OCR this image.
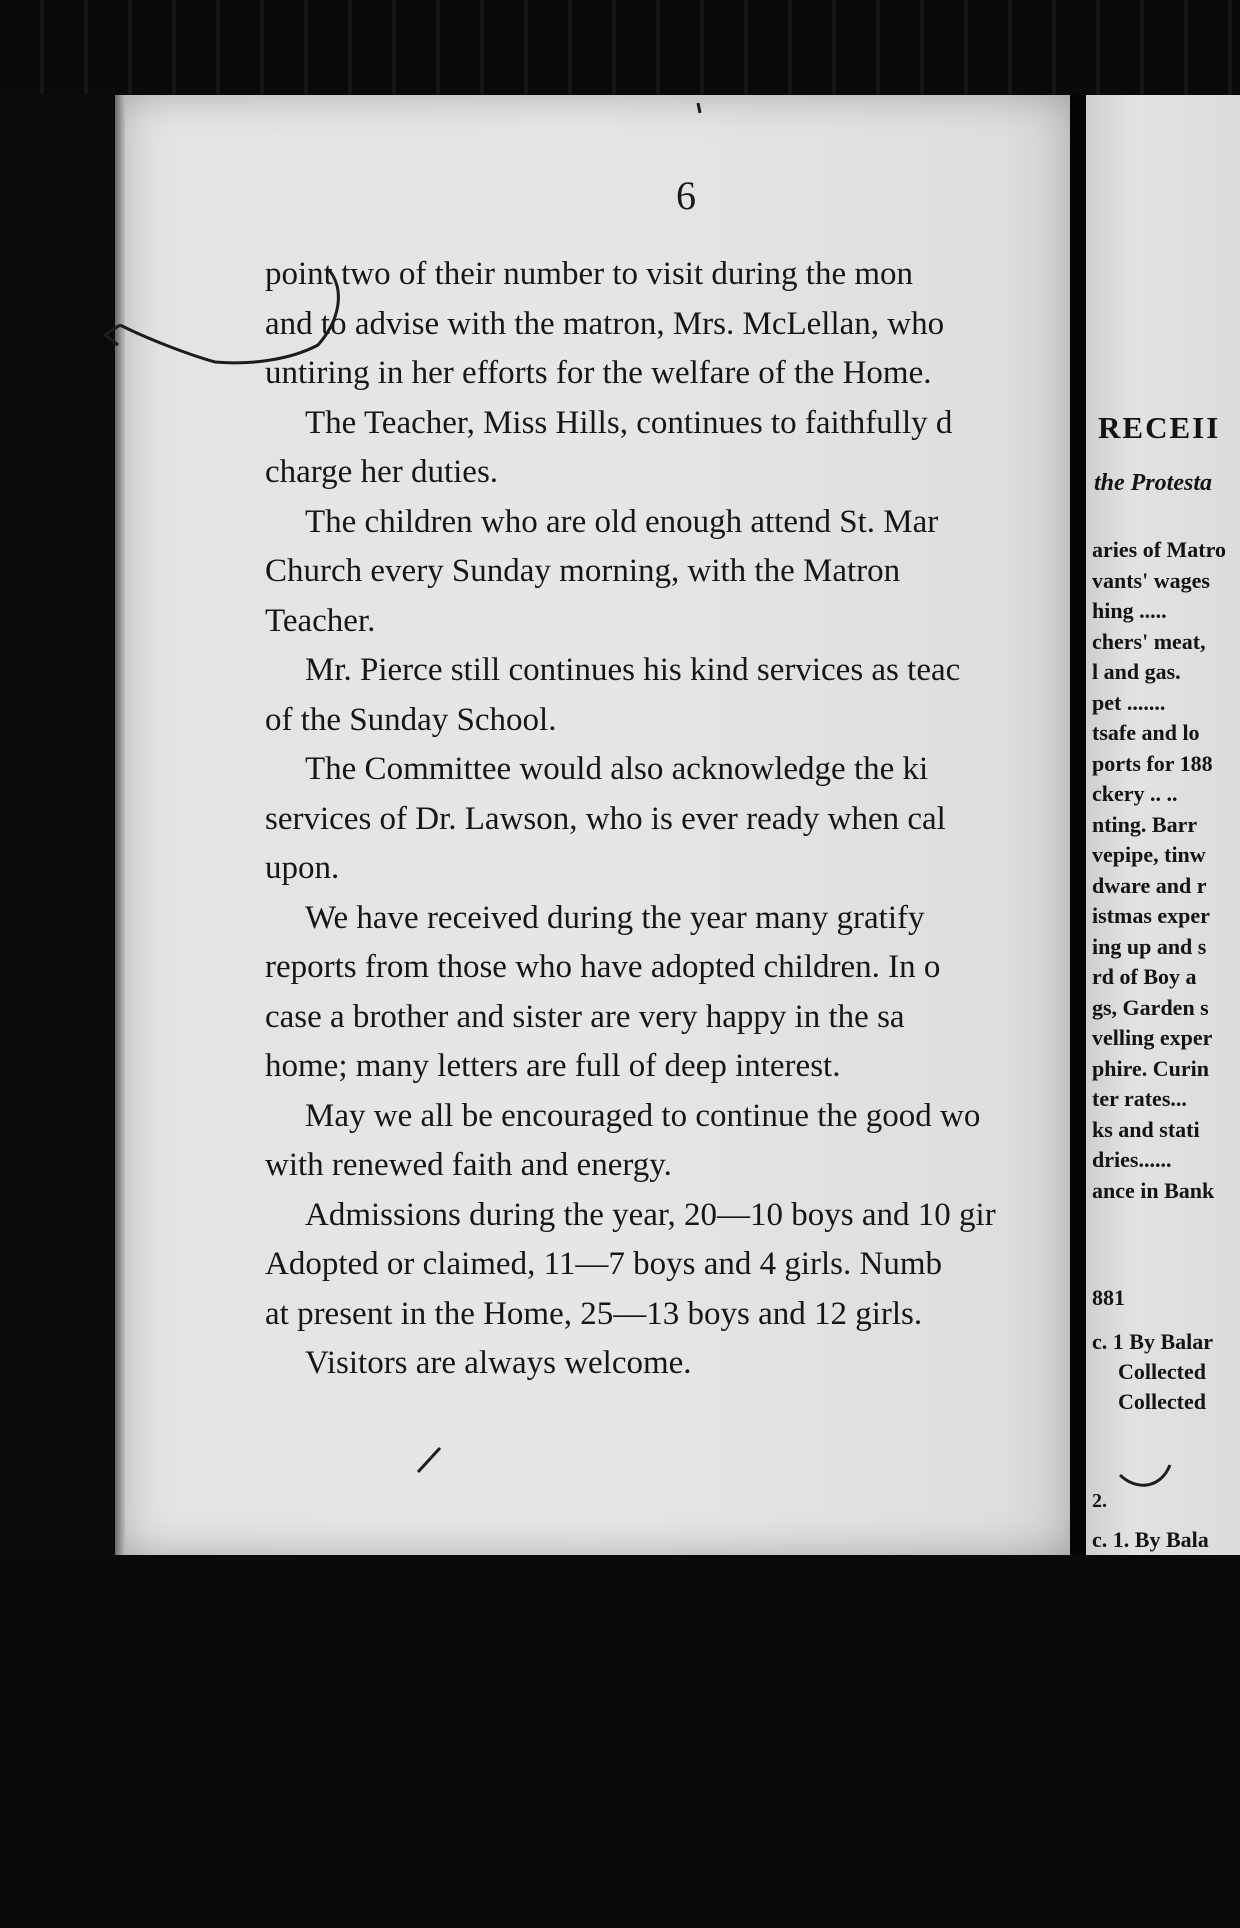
6
point two of their number to visit during the mon
and to advise with the matron, Mrs. McLellan, who
untiring in her efforts for the welfare of the Home.
The Teacher, Miss Hills, continues to faithfully d
charge her duties.
The children who are old enough attend St. Mar
Church every Sunday morning, with the Matron
Teacher.
Mr. Pierce still continues his kind services as teac
of the Sunday School.
The Committee would also acknowledge the ki
services of Dr. Lawson, who is ever ready when cal
upon.
We have received during the year many gratify
reports from those who have adopted children. In o
case a brother and sister are very happy in the sa
home; many letters are full of deep interest.
May we all be encouraged to continue the good wo
with renewed faith and energy.
Admissions during the year, 20—10 boys and 10 gir
Adopted or claimed, 11—7 boys and 4 girls. Numb
at present in the Home, 25—13 boys and 12 girls.
Visitors are always welcome.
RECEII
the Protesta
aries of Matro
vants' wages
hing .....
chers' meat,
l and gas.
pet .......
tsafe and lo
ports for 188
ckery .. ..
nting. Barr
vepipe, tinw
dware and r
istmas exper
ing up and s
rd of Boy a
gs, Garden s
velling exper
phire. Curin
ter rates...
ks and stati
dries......
ance in Bank
881
c. 1 By Balar
Collected
Collected
2.
c. 1. By Bala
